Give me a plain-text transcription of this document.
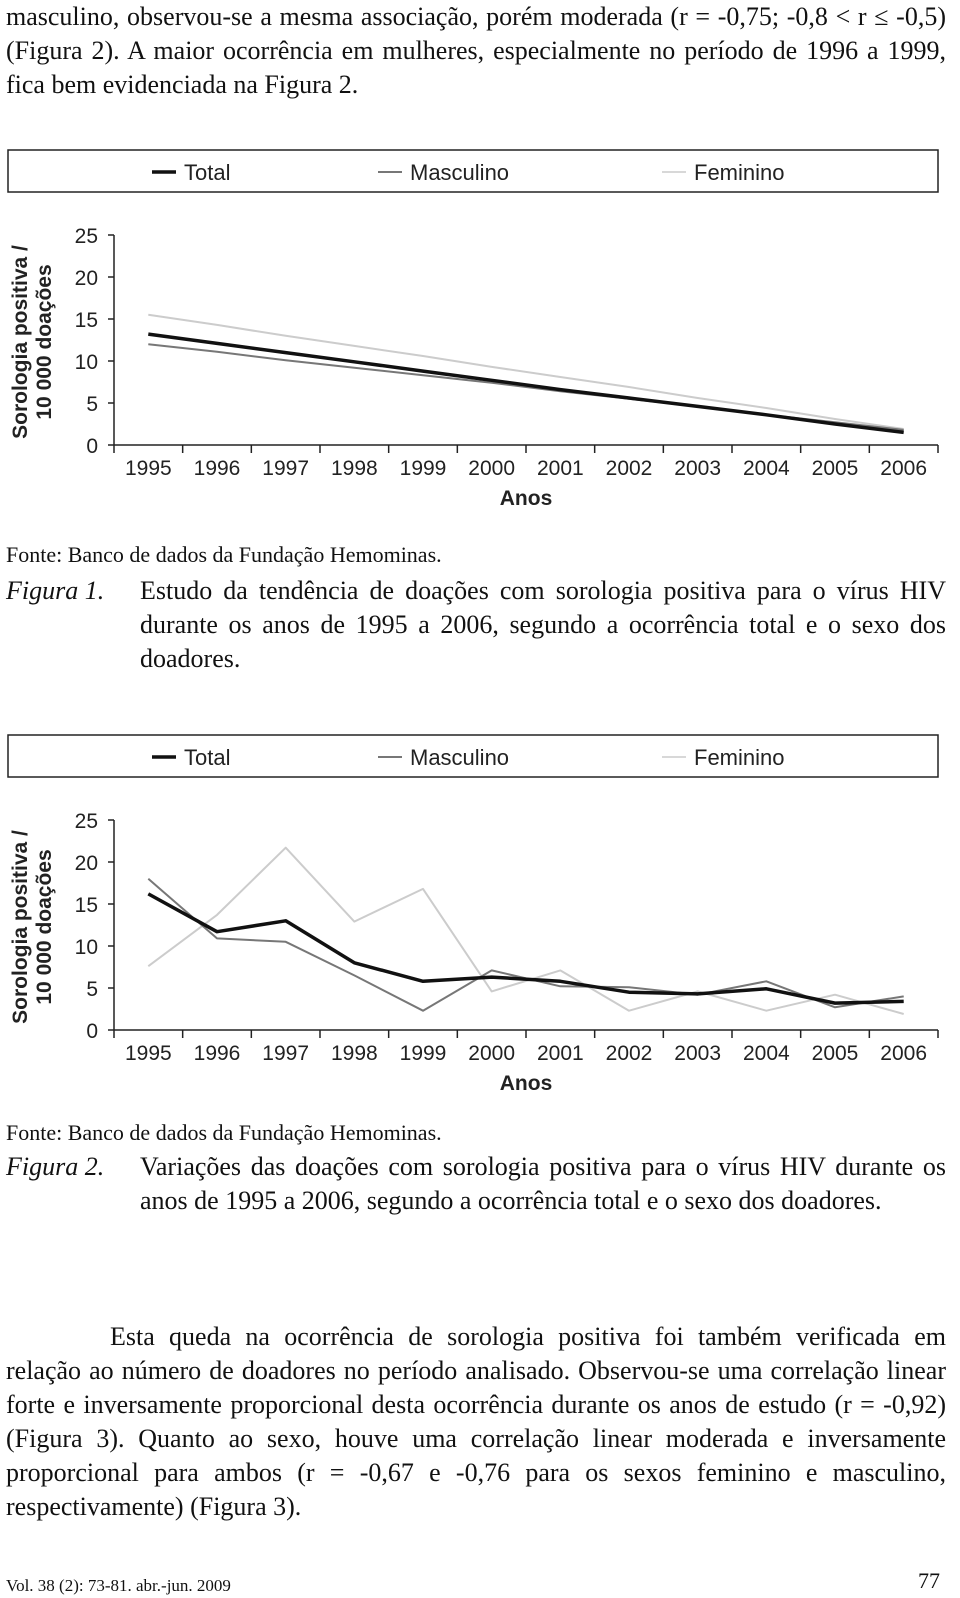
masculino, observou-se a mesma associação, porém moderada (r = -0,75; -0,8 < r ≤ -0,5) (Figura 2). A maior ocorrência em mulheres, especialmente no período de 1996 a 1999, fica bem evidenciada na Figura 2.

Total	Masculino	Feminino
0
5
10
15
20
25
1995 1996 1997 1998 1999 2000 2001 2002 2003 2004 2005 2006
Anos
Sorologia positiva /10 000 doações
Fonte: Banco de dados da Fundação Hemominas.
Figura 1. Estudo da tendência de doações com sorologia positiva para o vírus HIV durante os anos de 1995 a 2006, segundo a ocorrência total e o sexo dos doadores.
Total	Masculino	Feminino
0
5
10
15
20
25
1995 1996 1997 1998 1999 2000 2001 2002 2003 2004 2005 2006
Anos
Sorologia positiva /10 000 doações
Fonte: Banco de dados da Fundação Hemominas.
Figura 2. Variações das doações com sorologia positiva para o vírus HIV durante os anos de 1995 a 2006, segundo a ocorrência total e o sexo dos doadores.

Esta queda na ocorrência de sorologia positiva foi também verificada em relação ao número de doadores no período analisado. Observou-se uma correlação linear forte e inversamente proporcional desta ocorrência durante os anos de estudo (r = -0,92) (Figura 3). Quanto ao sexo, houve uma correlação linear moderada e inversamente proporcional para ambos (r = -0,67 e -0,76 para os sexos feminino e masculino, respectivamente) (Figura 3).

Vol. 38 (2): 73-81. abr.-jun. 2009	77
